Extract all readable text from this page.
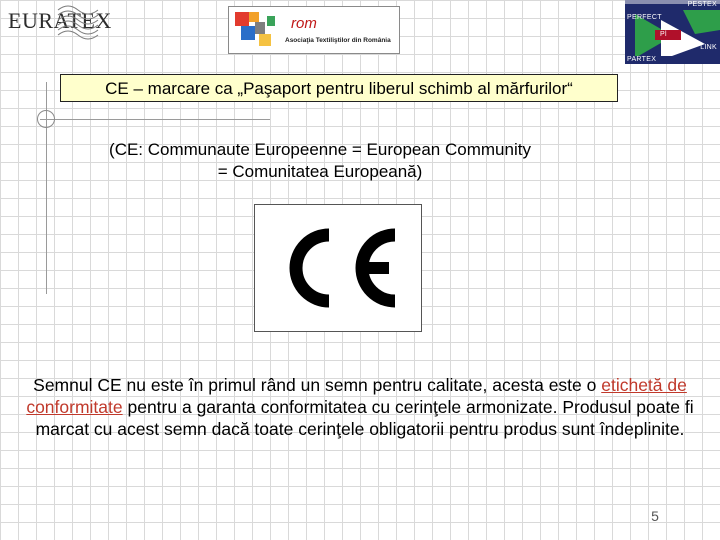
EURATEX	rom
Asociaţia Textiliştilor din România
PESTEX
PERFECT
Pl
LINK
PARTEX
CE – marcare ca „Paşaport pentru liberul schimb al mărfurilor“
(CE: Communaute Europeenne = European Community
= Comunitatea Europeană)
Semnul CE nu este în primul rând un semn pentru calitate, acesta este o etichetă de conformitate pentru a garanta conformitatea cu cerinţele armonizate. Produsul poate fi marcat cu acest semn dacă toate cerinţele obligatorii pentru produs sunt îndeplinite.
5
